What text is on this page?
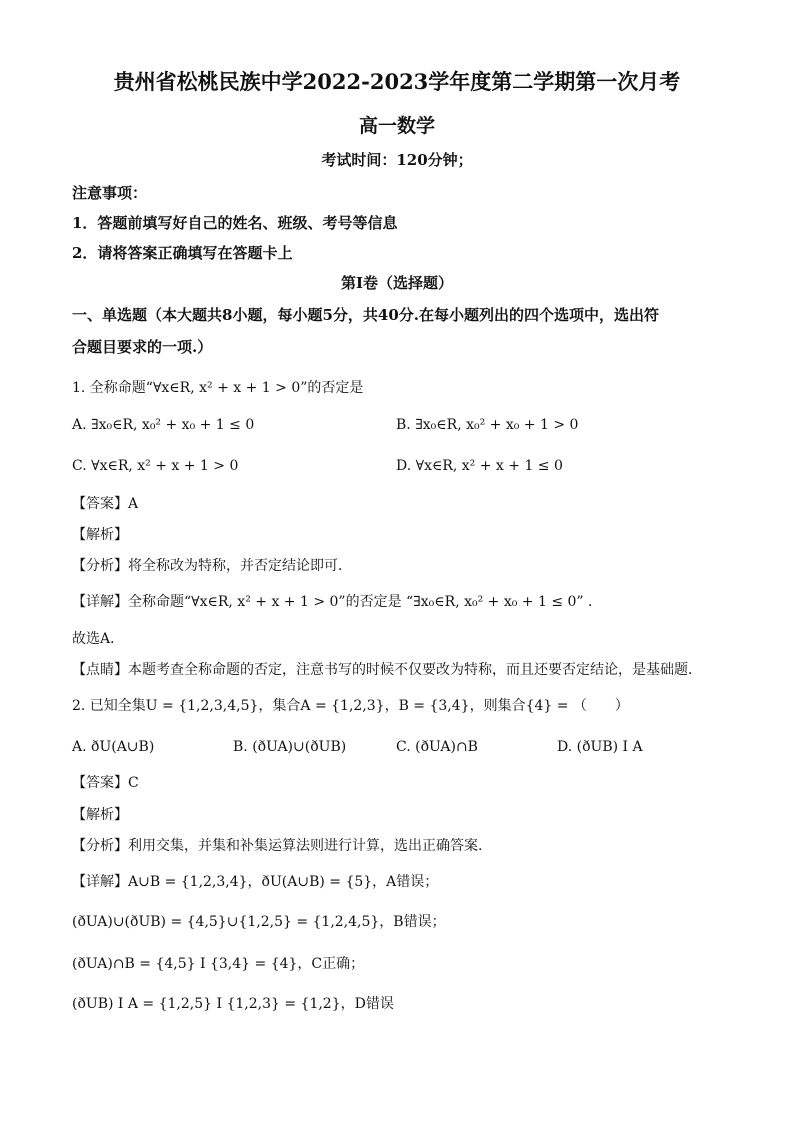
贵州省松桃民族中学2022-2023学年度第二学期第一次月考
高一数学
考试时间：120分钟；
注意事项：
1．答题前填写好自己的姓名、班级、考号等信息
2．请将答案正确填写在答题卡上
第I卷（选择题）
一、单选题（本大题共8小题，每小题5分，共40分.在每小题列出的四个选项中，选出符
合题目要求的一项.）
1. 全称命题“∀x∈R, x² + x + 1 > 0”的否定是
A. ∃x₀∈R, x₀² + x₀ + 1 ≤ 0	B. ∃x₀∈R, x₀² + x₀ + 1 > 0
C. ∀x∈R, x² + x + 1 > 0	D. ∀x∈R, x² + x + 1 ≤ 0
【答案】A
【解析】
【分析】将全称改为特称，并否定结论即可．
【详解】全称命题“∀x∈R, x² + x + 1 > 0”的否定是 “∃x₀∈R, x₀² + x₀ + 1 ≤ 0” ．
故选A．
【点睛】本题考查全称命题的否定，注意书写的时候不仅要改为特称，而且还要否定结论，是基础题．
2. 已知全集U = {1,2,3,4,5}，集合A = {1,2,3}，B = {3,4}，则集合{4} = （　　）
A. ðU(A∪B)	B. (ðUA)∪(ðUB)	C. (ðUA)∩B	D. (ðUB) I A
【答案】C
【解析】
【分析】利用交集，并集和补集运算法则进行计算，选出正确答案.
【详解】A∪B = {1,2,3,4}，ðU(A∪B) = {5}，A错误；
(ðUA)∪(ðUB) = {4,5}∪{1,2,5} = {1,2,4,5}，B错误；
(ðUA)∩B = {4,5} I {3,4} = {4}，C正确；
(ðUB) I A = {1,2,5} I {1,2,3} = {1,2}，D错误
